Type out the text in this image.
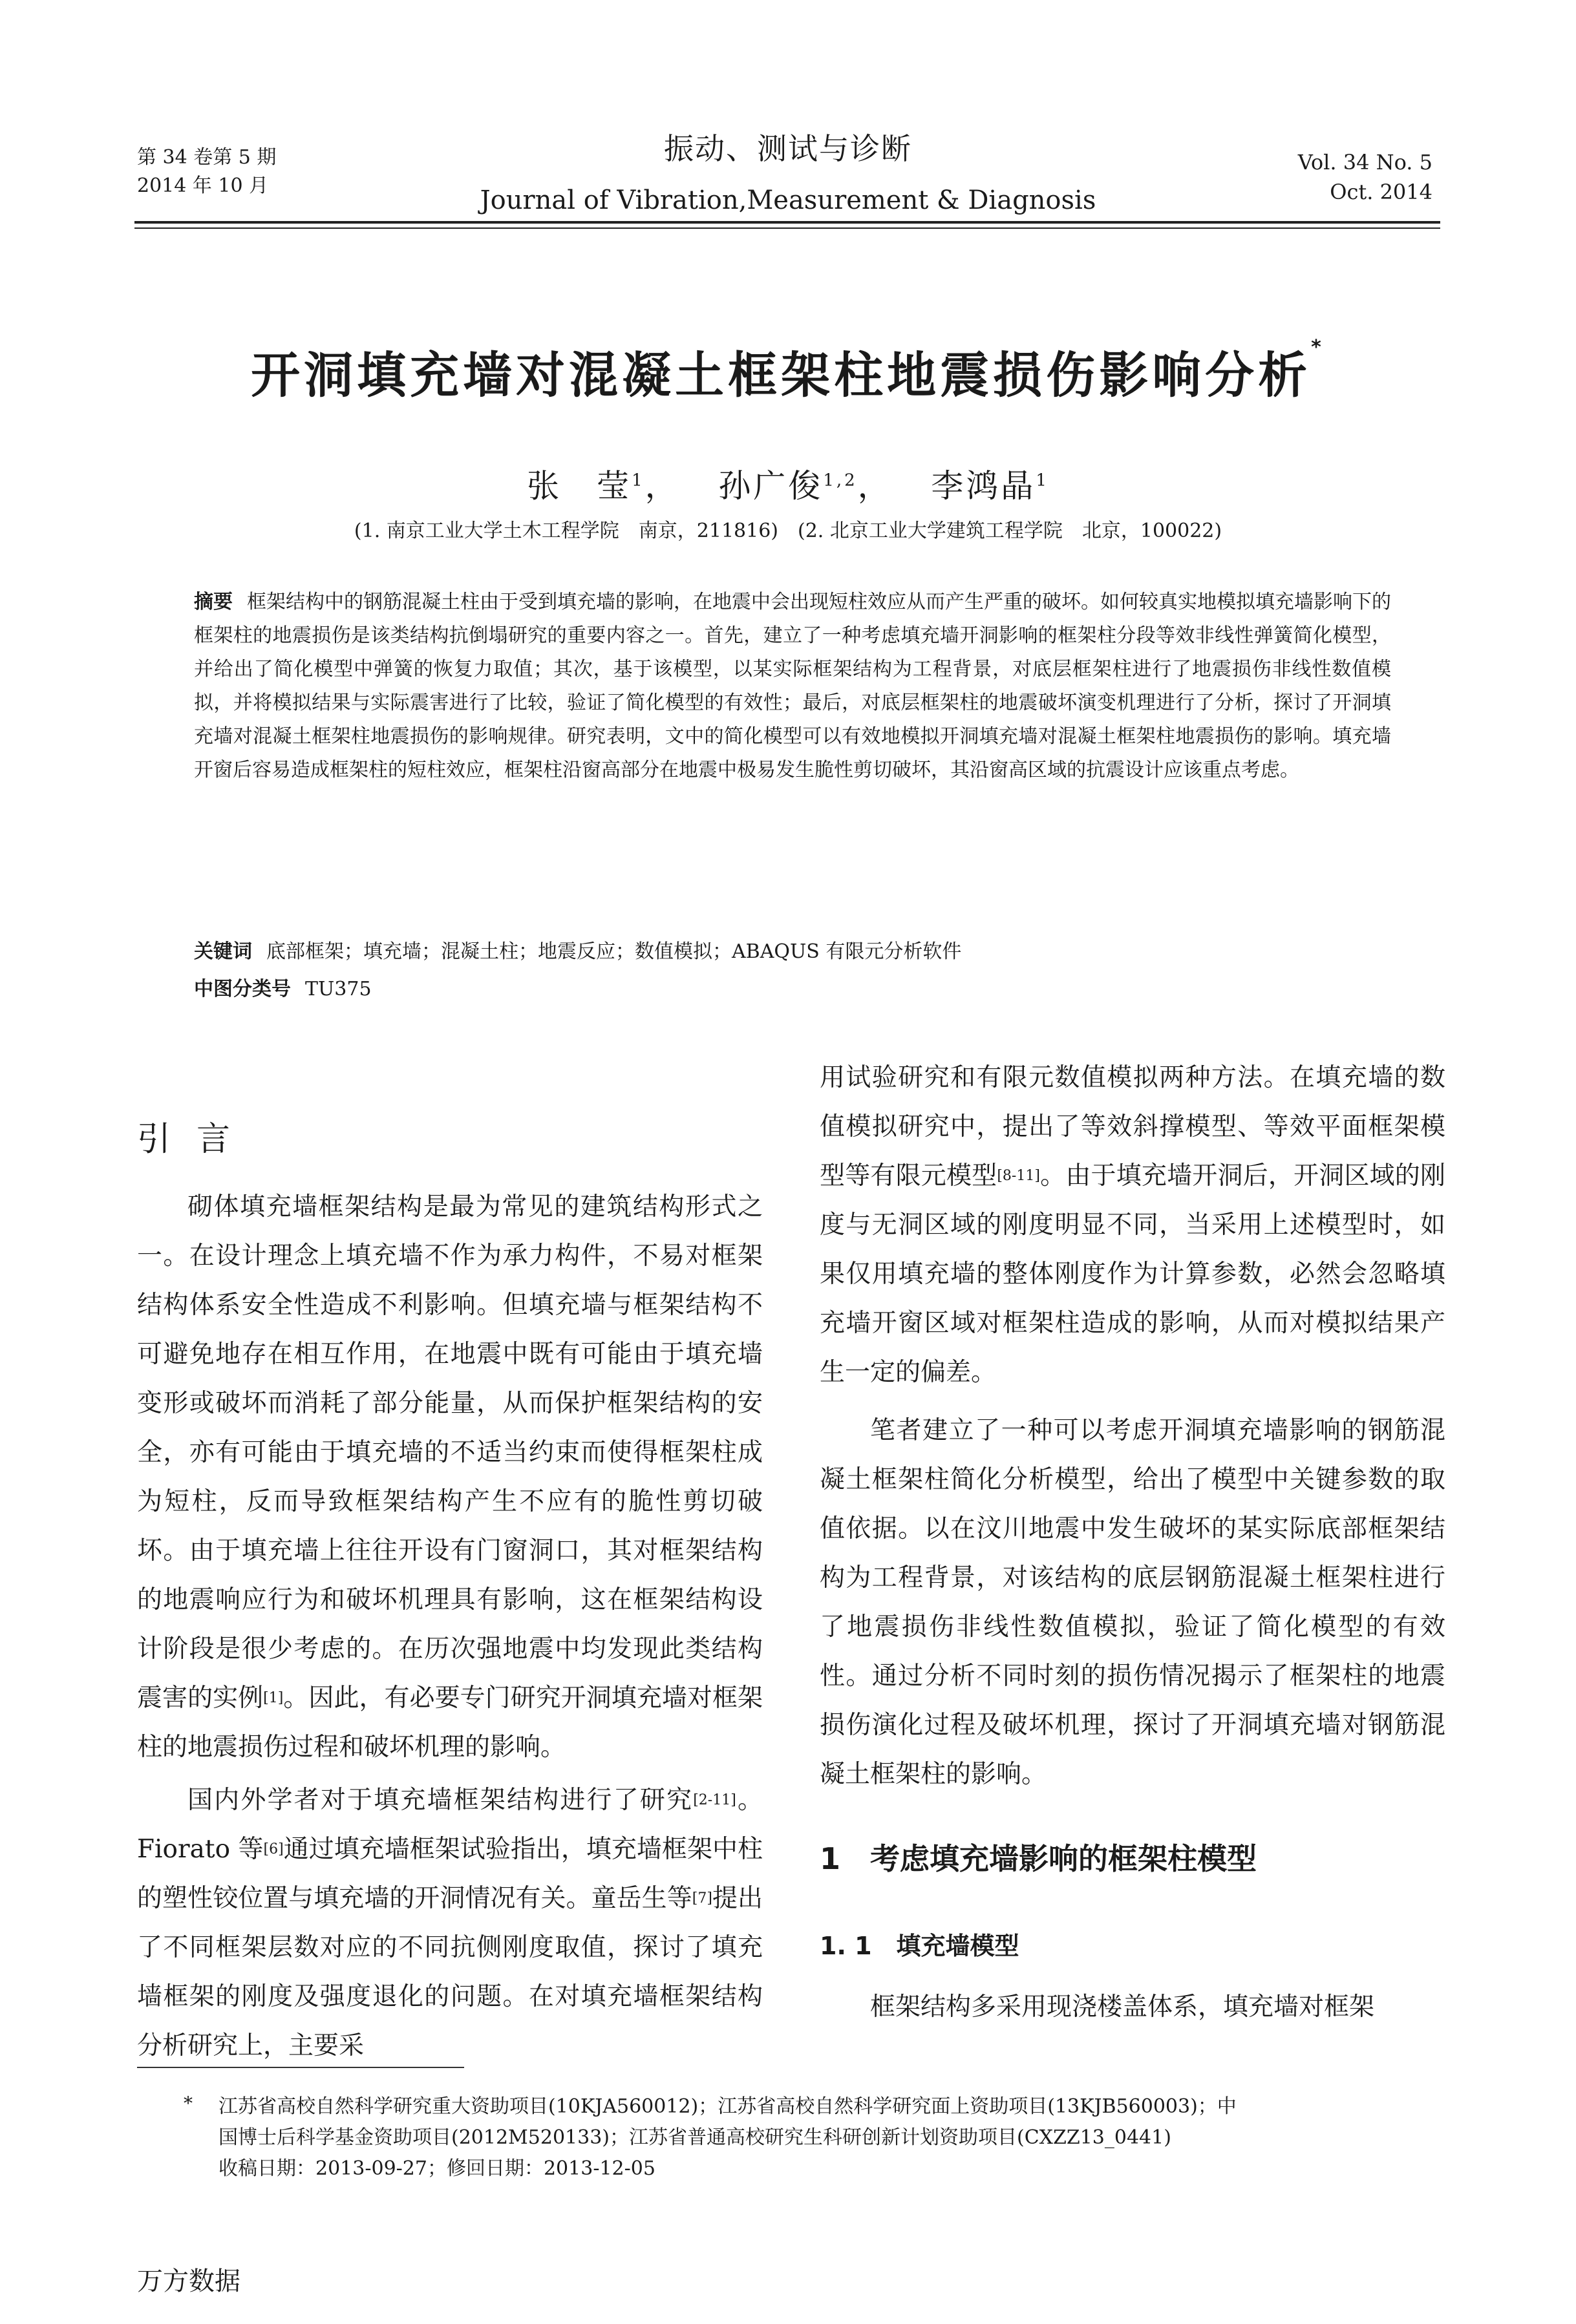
第 34 卷第 5 期
2014 年 10 月
振动、测试与诊断
Journal of Vibration,Measurement & Diagnosis
Vol. 34 No. 5
Oct. 2014
开洞填充墙对混凝土框架柱地震损伤影响分析*
张　莹$^1$，   孙广俊$^{1,2}$，   李鸿晶$^1$
(1. 南京工业大学土木工程学院　南京，211816)　(2. 北京工业大学建筑工程学院　北京，100022)
摘要 框架结构中的钢筋混凝土柱由于受到填充墙的影响，在地震中会出现短柱效应从而产生严重的破坏。如何较真实地模拟填充墙影响下的框架柱的地震损伤是该类结构抗倒塌研究的重要内容之一。首先，建立了一种考虑填充墙开洞影响的框架柱分段等效非线性弹簧简化模型，并给出了简化模型中弹簧的恢复力取值；其次，基于该模型，以某实际框架结构为工程背景，对底层框架柱进行了地震损伤非线性数值模拟，并将模拟结果与实际震害进行了比较，验证了简化模型的有效性；最后，对底层框架柱的地震破坏演变机理进行了分析，探讨了开洞填充墙对混凝土框架柱地震损伤的影响规律。研究表明，文中的简化模型可以有效地模拟开洞填充墙对混凝土框架柱地震损伤的影响。填充墙开窗后容易造成框架柱的短柱效应，框架柱沿窗高部分在地震中极易发生脆性剪切破坏，其沿窗高区域的抗震设计应该重点考虑。
关键词 底部框架；填充墙；混凝土柱；地震反应；数值模拟；ABAQUS 有限元分析软件
中图分类号 TU375
引言

砌体填充墙框架结构是最为常见的建筑结构形式之一。在设计理念上填充墙不作为承力构件，不易对框架结构体系安全性造成不利影响。但填充墙与框架结构不可避免地存在相互作用，在地震中既有可能由于填充墙变形或破坏而消耗了部分能量，从而保护框架结构的安全，亦有可能由于填充墙的不适当约束而使得框架柱成为短柱，反而导致框架结构产生不应有的脆性剪切破坏。由于填充墙上往往开设有门窗洞口，其对框架结构的地震响应行为和破坏机理具有影响，这在框架结构设计阶段是很少考虑的。在历次强地震中均发现此类结构震害的实例[1]。因此，有必要专门研究开洞填充墙对框架柱的地震损伤过程和破坏机理的影响。

国内外学者对于填充墙框架结构进行了研究[2-11]。Fiorato 等[6]通过填充墙框架试验指出，填充墙框架中柱的塑性铰位置与填充墙的开洞情况有关。童岳生等[7]提出了不同框架层数对应的不同抗侧刚度取值，探讨了填充墙框架的刚度及强度退化的问题。在对填充墙框架结构分析研究上，主要采

用试验研究和有限元数值模拟两种方法。在填充墙的数值模拟研究中，提出了等效斜撑模型、等效平面框架模型等有限元模型[8-11]。由于填充墙开洞后，开洞区域的刚度与无洞区域的刚度明显不同，当采用上述模型时，如果仅用填充墙的整体刚度作为计算参数，必然会忽略填充墙开窗区域对框架柱造成的影响，从而对模拟结果产生一定的偏差。

笔者建立了一种可以考虑开洞填充墙影响的钢筋混凝土框架柱简化分析模型，给出了模型中关键参数的取值依据。以在汶川地震中发生破坏的某实际底部框架结构为工程背景，对该结构的底层钢筋混凝土框架柱进行了地震损伤非线性数值模拟，验证了简化模型的有效性。通过分析不同时刻的损伤情况揭示了框架柱的地震损伤演化过程及破坏机理，探讨了开洞填充墙对钢筋混凝土框架柱的影响。

1　考虑填充墙影响的框架柱模型
1. 1　填充墙模型

框架结构多采用现浇楼盖体系，填充墙对框架

* 江苏省高校自然科学研究重大资助项目(10KJA560012)；江苏省高校自然科学研究面上资助项目(13KJB560003)；中
国博士后科学基金资助项目(2012M520133)；江苏省普通高校研究生科研创新计划资助项目(CXZZ13_0441)
收稿日期：2013-09-27；修回日期：2013-12-05
万方数据
